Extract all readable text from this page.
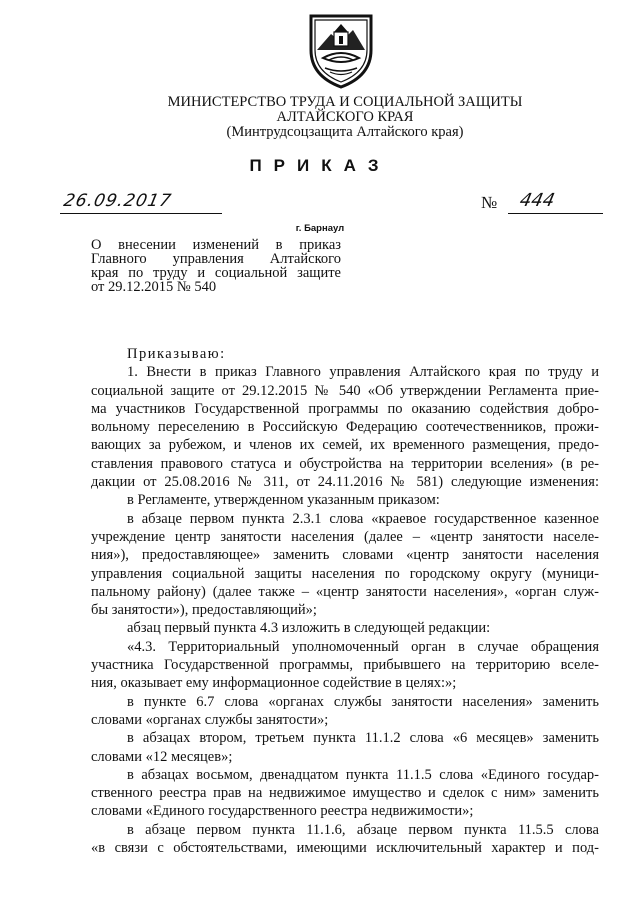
МИНИСТЕРСТВО ТРУДА И СОЦИАЛЬНОЙ ЗАЩИТЫ
АЛТАЙСКОГО КРАЯ
(Минтрудсоцзащита Алтайского края)
ПРИКАЗ
26.09.2017	№ 444
г. Барнаул
О внесении изменений в приказ
Главного управления Алтайского
края по труду и социальной защите
от 29.12.2015 № 540
Приказываю:
1. Внести в приказ Главного управления Алтайского края по труду и
социальной защите от 29.12.2015 № 540 «Об утверждении Регламента прие-
ма участников Государственной программы по оказанию содействия добро-
вольному переселению в Российскую Федерацию соотечественников, прожи-
вающих за рубежом, и членов их семей, их временного размещения, предо-
ставления правового статуса и обустройства на территории вселения» (в ре-
дакции от 25.08.2016 № 311, от 24.11.2016 № 581) следующие изменения:
в Регламенте, утвержденном указанным приказом:
в абзаце первом пункта 2.3.1 слова «краевое государственное казенное
учреждение центр занятости населения (далее – «центр занятости населе-
ния»), предоставляющее» заменить словами «центр занятости населения
управления социальной защиты населения по городскому округу (муници-
пальному району) (далее также – «центр занятости населения», «орган служ-
бы занятости»), предоставляющий»;
абзац первый пункта 4.3 изложить в следующей редакции:
«4.3. Территориальный уполномоченный орган в случае обращения
участника Государственной программы, прибывшего на территорию вселе-
ния, оказывает ему информационное содействие в целях:»;
в пункте 6.7 слова «органах службы занятости населения» заменить
словами «органах службы занятости»;
в абзацах втором, третьем пункта 11.1.2 слова «6 месяцев» заменить
словами «12 месяцев»;
в абзацах восьмом, двенадцатом пункта 11.1.5 слова «Единого государ-
ственного реестра прав на недвижимое имущество и сделок с ним» заменить
словами «Единого государственного реестра недвижимости»;
в абзаце первом пункта 11.1.6, абзаце первом пункта 11.5.5 слова
«в связи с обстоятельствами, имеющими исключительный характер и под-
